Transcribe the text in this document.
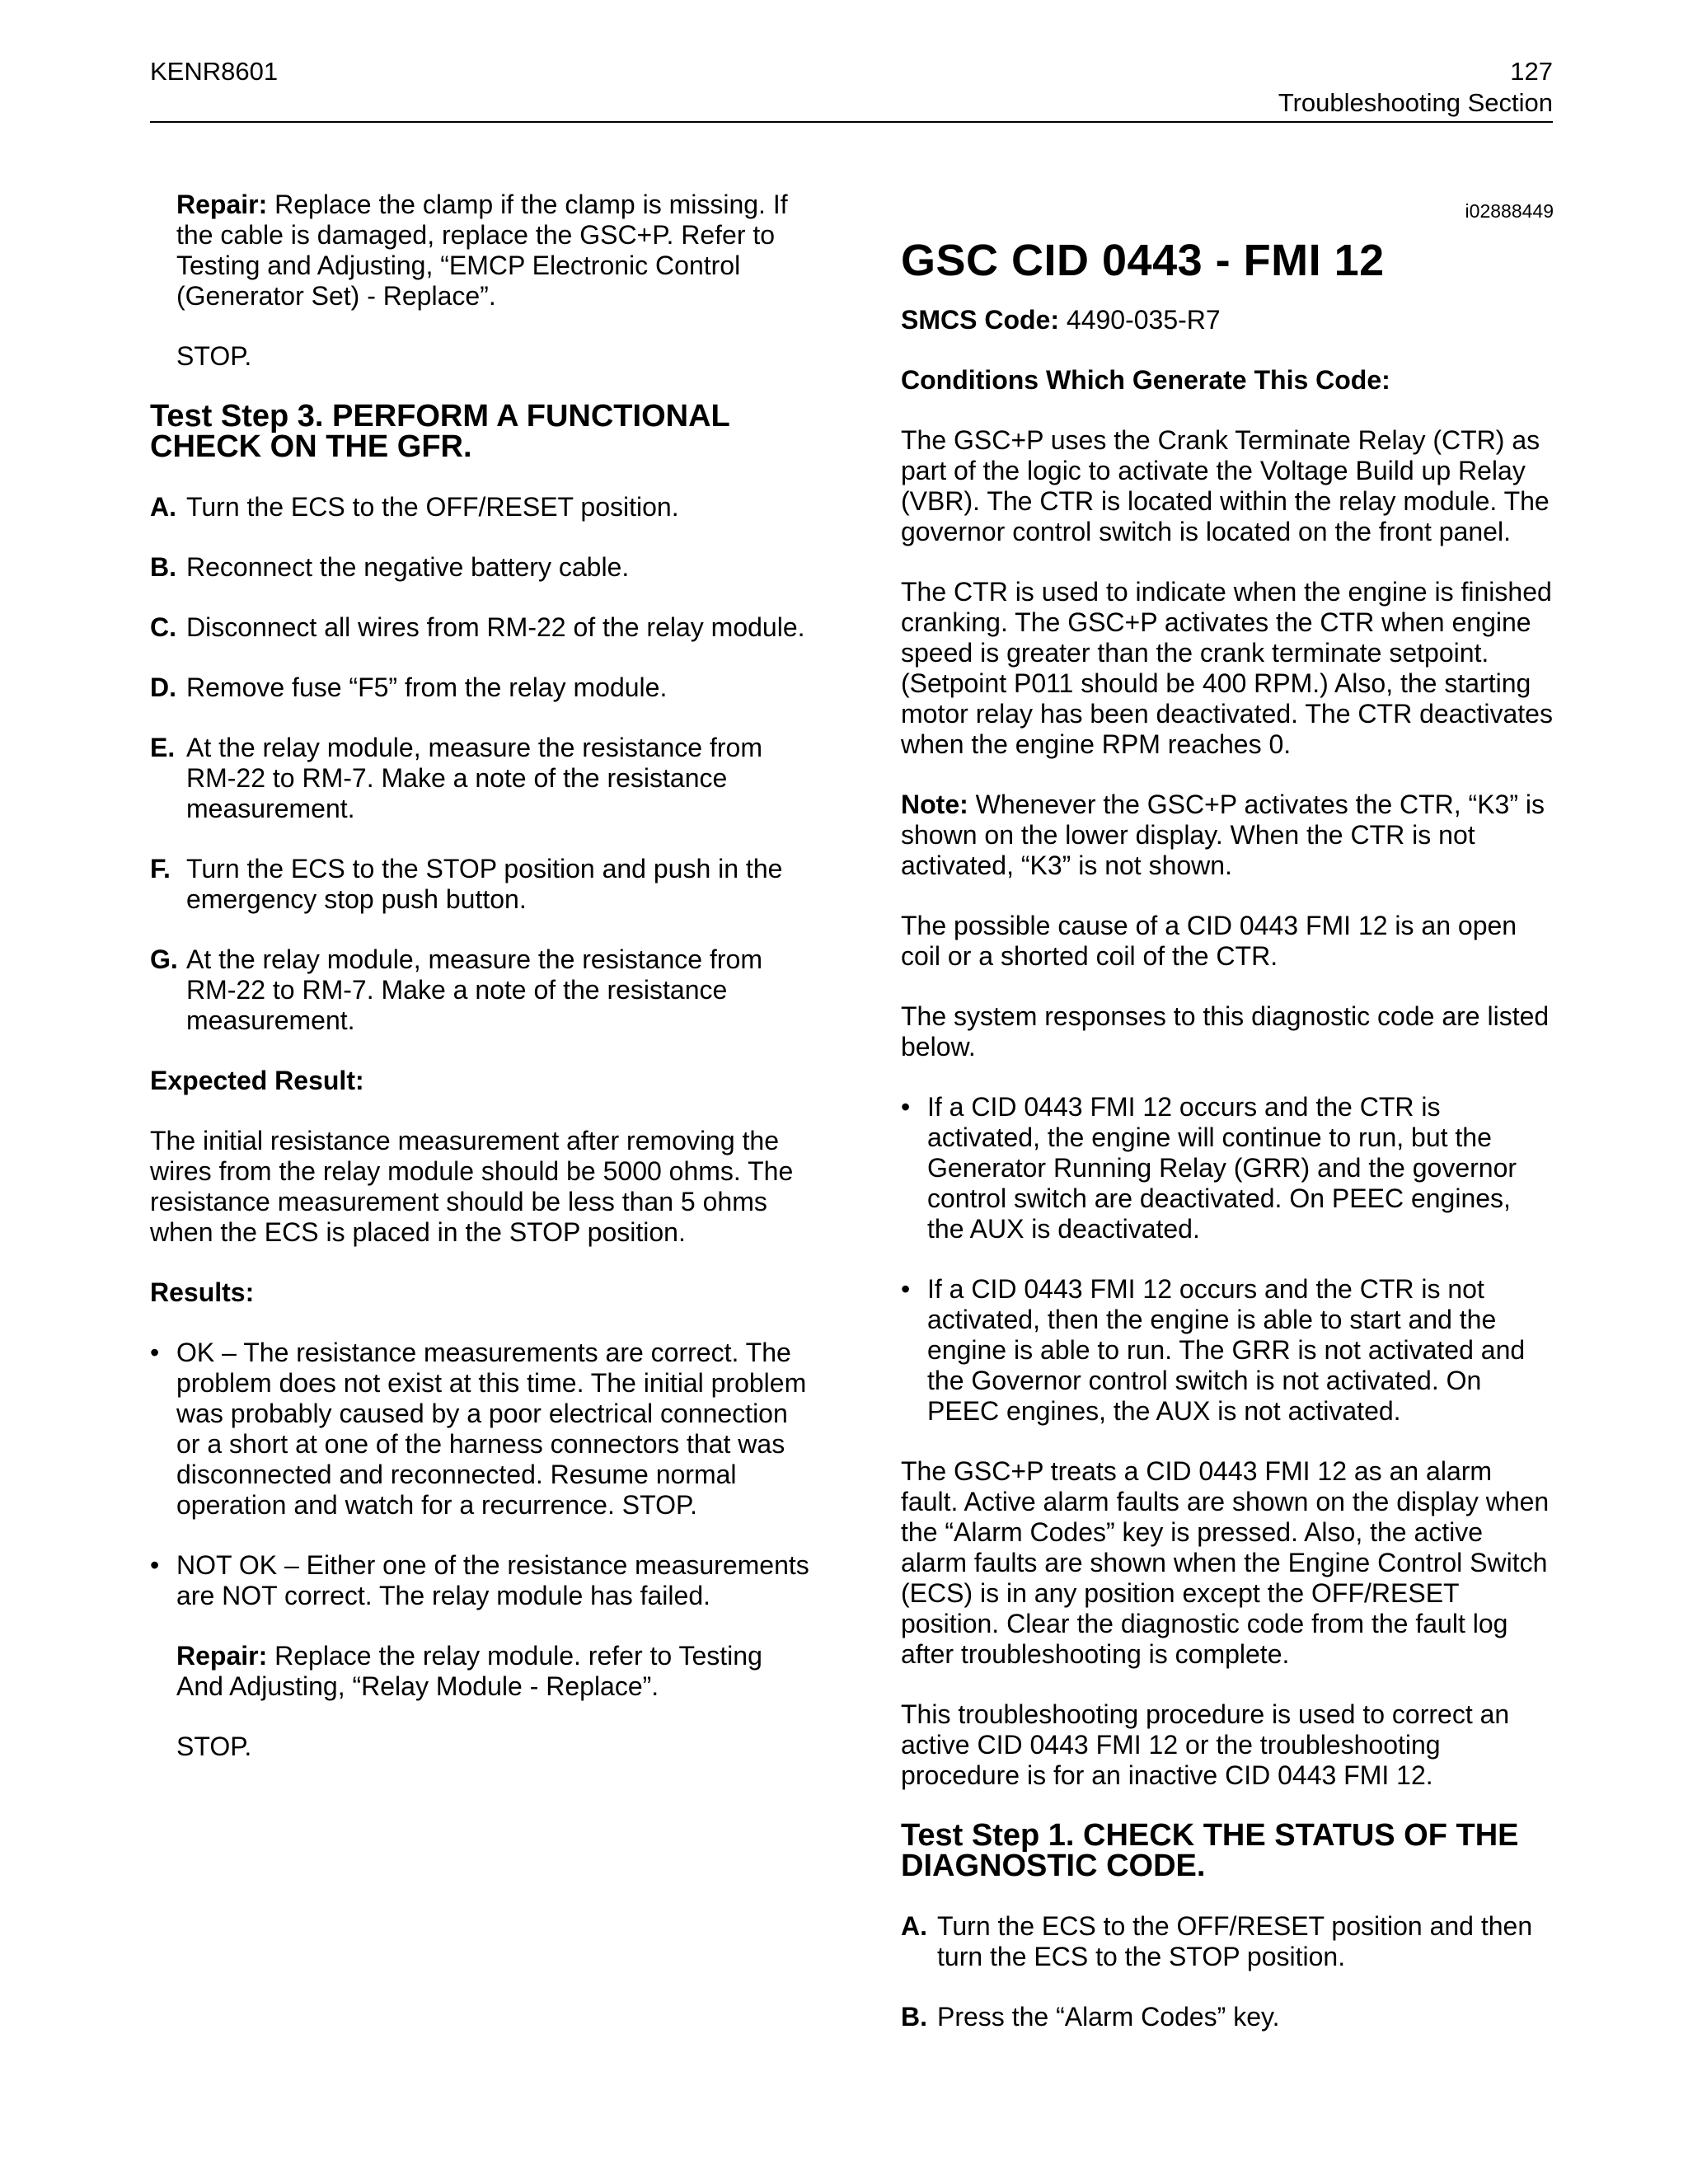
KENR8601	127
Troubleshooting Section

Repair: Replace the clamp if the clamp is missing. If the cable is damaged, replace the GSC+P. Refer to Testing and Adjusting, “EMCP Electronic Control (Generator Set) - Replace”.

STOP.

Test Step 3. PERFORM A FUNCTIONAL CHECK ON THE GFR.
A. Turn the ECS to the OFF/RESET position.
B. Reconnect the negative battery cable.
C. Disconnect all wires from RM-22 of the relay module.
D. Remove fuse “F5” from the relay module.
E. At the relay module, measure the resistance from RM-22 to RM-7. Make a note of the resistance measurement.
F. Turn the ECS to the STOP position and push in the emergency stop push button.
G. At the relay module, measure the resistance from RM-22 to RM-7. Make a note of the resistance measurement.

Expected Result:

The initial resistance measurement after removing the wires from the relay module should be 5000 ohms. The resistance measurement should be less than 5 ohms when the ECS is placed in the STOP position.

Results:

• OK – The resistance measurements are correct. The problem does not exist at this time. The initial problem was probably caused by a poor electrical connection or a short at one of the harness connectors that was disconnected and reconnected. Resume normal operation and watch for a recurrence. STOP.
• NOT OK – Either one of the resistance measurements are NOT correct. The relay module has failed.

Repair: Replace the relay module. refer to Testing And Adjusting, “Relay Module - Replace”.

STOP.

i02888449
GSC CID 0443 - FMI 12

SMCS Code: 4490-035-R7

Conditions Which Generate This Code:

The GSC+P uses the Crank Terminate Relay (CTR) as part of the logic to activate the Voltage Build up Relay (VBR). The CTR is located within the relay module. The governor control switch is located on the front panel.

The CTR is used to indicate when the engine is finished cranking. The GSC+P activates the CTR when engine speed is greater than the crank terminate setpoint. (Setpoint P011 should be 400 RPM.) Also, the starting motor relay has been deactivated. The CTR deactivates when the engine RPM reaches 0.

Note: Whenever the GSC+P activates the CTR, “K3” is shown on the lower display. When the CTR is not activated, “K3” is not shown.

The possible cause of a CID 0443 FMI 12 is an open coil or a shorted coil of the CTR.

The system responses to this diagnostic code are listed below.

• If a CID 0443 FMI 12 occurs and the CTR is activated, the engine will continue to run, but the Generator Running Relay (GRR) and the governor control switch are deactivated. On PEEC engines, the AUX is deactivated.
• If a CID 0443 FMI 12 occurs and the CTR is not activated, then the engine is able to start and the engine is able to run. The GRR is not activated and the Governor control switch is not activated. On PEEC engines, the AUX is not activated.

The GSC+P treats a CID 0443 FMI 12 as an alarm fault. Active alarm faults are shown on the display when the “Alarm Codes” key is pressed. Also, the active alarm faults are shown when the Engine Control Switch (ECS) is in any position except the OFF/RESET position. Clear the diagnostic code from the fault log after troubleshooting is complete.

This troubleshooting procedure is used to correct an active CID 0443 FMI 12 or the troubleshooting procedure is for an inactive CID 0443 FMI 12.

Test Step 1. CHECK THE STATUS OF THE DIAGNOSTIC CODE.
A. Turn the ECS to the OFF/RESET position and then turn the ECS to the STOP position.
B. Press the “Alarm Codes” key.
